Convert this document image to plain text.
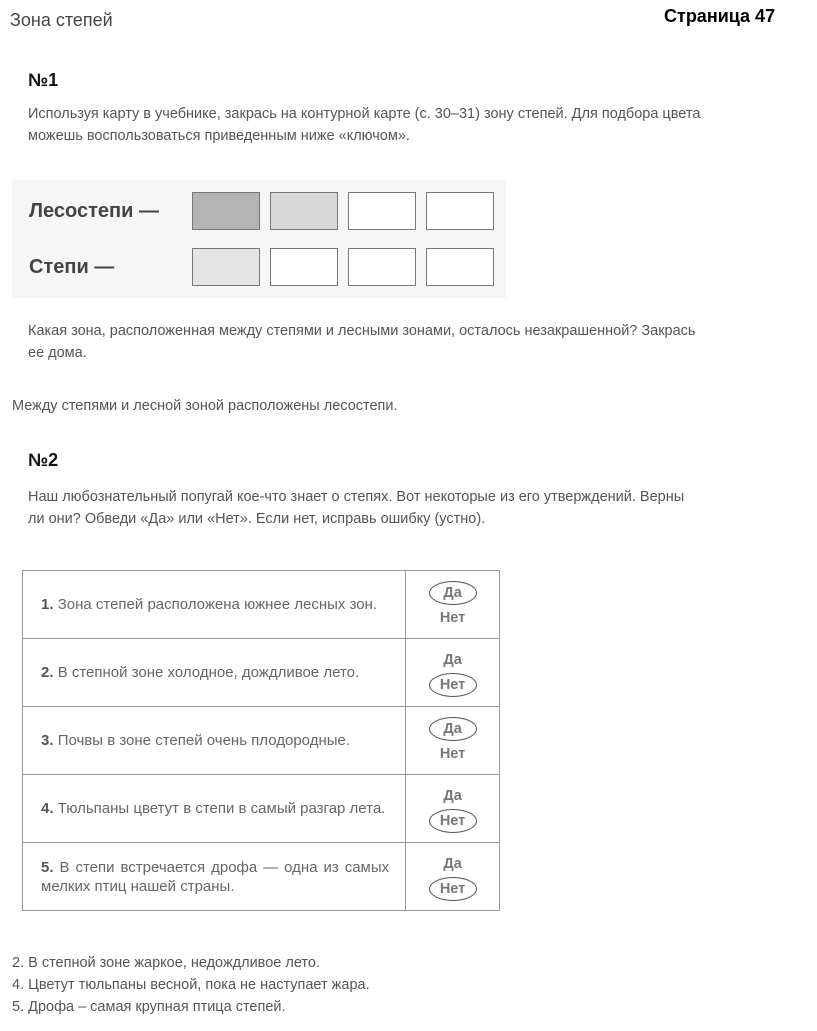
Зона степей	Страница 47
№1
Используя карту в учебнике, закрась на контурной карте (с. 30–31) зону степей. Для подбора цвета
можешь воспользоваться приведенным ниже «ключом».
Лесостепи —
Степи —
Какая зона, расположенная между степями и лесными зонами, осталось незакрашенной? Закрась
ее дома.
Между степями и лесной зоной расположены лесостепи.
№2
Наш любознательный попугай кое-что знает о степях. Вот некоторые из его утверждений. Верны
ли они? Обведи «Да» или «Нет». Если нет, исправь ошибку (устно).
1. Зона степей расположена южнее лесных зон.	Да
Нет

2. В степной зоне холодное, дождливое лето.	Да
Нет

3. Почвы в зоне степей очень плодородные.	Да
Нет

4. Тюльпаны цветут в степи в самый разгар лета.	Да
Нет

5. В степи встречается дрофа — одна из самых мелких птиц нашей страны.	Да
Нет
2. В степной зоне жаркое, недождливое лето.
4. Цветут тюльпаны весной, пока не наступает жара.
5. Дрофа – самая крупная птица степей.
